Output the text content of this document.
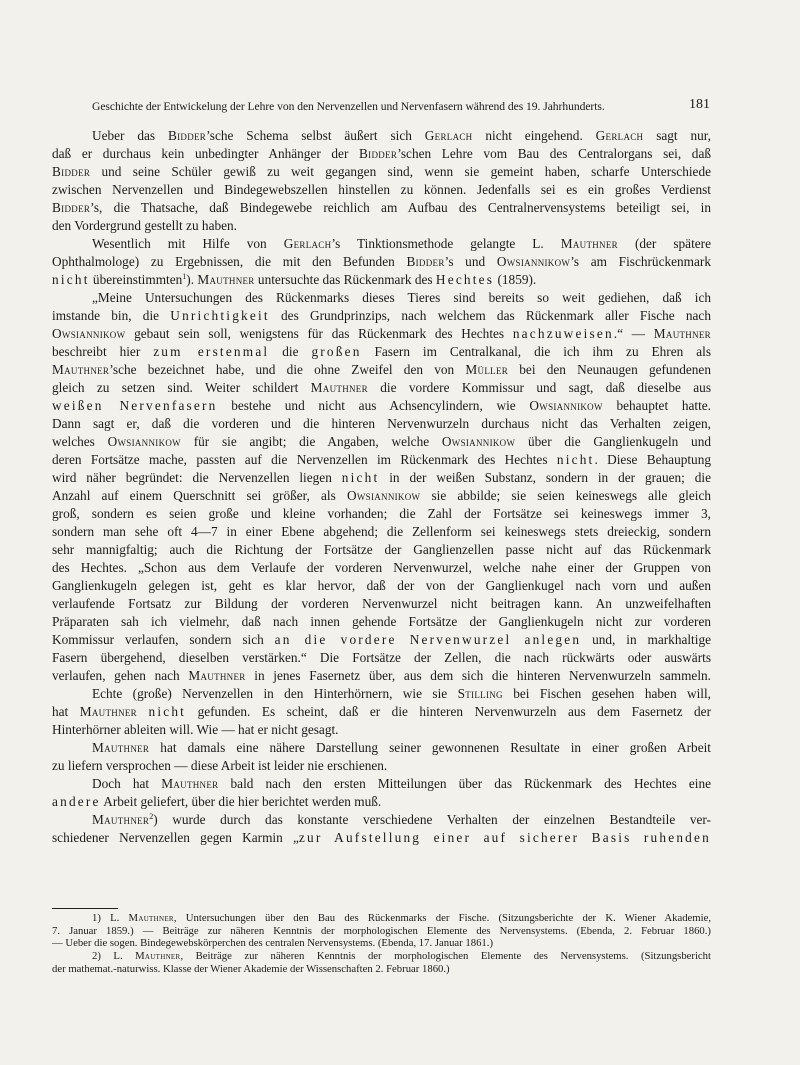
Geschichte der Entwickelung der Lehre von den Nervenzellen und Nervenfasern während des 19. Jahrhunderts.	181
Ueber das Bidder’sche Schema selbst äußert sich Gerlach nicht eingehend. Gerlach sagt nur,
daß er durchaus kein unbedingter Anhänger der Bidder’schen Lehre vom Bau des Centralorgans sei, daß
Bidder und seine Schüler gewiß zu weit gegangen sind, wenn sie gemeint haben, scharfe Unterschiede
zwischen Nervenzellen und Bindegewebszellen hinstellen zu können. Jedenfalls sei es ein großes Verdienst
Bidder’s, die Thatsache, daß Bindegewebe reichlich am Aufbau des Centralnervensystems beteiligt sei, in
den Vordergrund gestellt zu haben.
Wesentlich mit Hilfe von Gerlach’s Tinktionsmethode gelangte L. Mauthner (der spätere
Ophthalmologe) zu Ergebnissen, die mit den Befunden Bidder’s und Owsiannikow’s am Fischrückenmark
nicht übereinstimmten$^1$). Mauthner untersuchte das Rückenmark des Hechtes (1859).
„Meine Untersuchungen des Rückenmarks dieses Tieres sind bereits so weit gediehen, daß ich
imstande bin, die Unrichtigkeit des Grundprinzips, nach welchem das Rückenmark aller Fische nach
Owsiannikow gebaut sein soll, wenigstens für das Rückenmark des Hechtes nachzuweisen.“ — Mauthner
beschreibt hier zum erstenmal die großen Fasern im Centralkanal, die ich ihm zu Ehren als
Mauthner’sche bezeichnet habe, und die ohne Zweifel den von Müller bei den Neunaugen gefundenen
gleich zu setzen sind. Weiter schildert Mauthner die vordere Kommissur und sagt, daß dieselbe aus
weißen Nervenfasern bestehe und nicht aus Achsencylindern, wie Owsiannikow behauptet hatte.
Dann sagt er, daß die vorderen und die hinteren Nervenwurzeln durchaus nicht das Verhalten zeigen,
welches Owsiannikow für sie angibt; die Angaben, welche Owsiannikow über die Ganglienkugeln und
deren Fortsätze mache, passten auf die Nervenzellen im Rückenmark des Hechtes nicht. Diese Behauptung
wird näher begründet: die Nervenzellen liegen nicht in der weißen Substanz, sondern in der grauen; die
Anzahl auf einem Querschnitt sei größer, als Owsiannikow sie abbilde; sie seien keineswegs alle gleich
groß, sondern es seien große und kleine vorhanden; die Zahl der Fortsätze sei keineswegs immer 3,
sondern man sehe oft 4—7 in einer Ebene abgehend; die Zellenform sei keineswegs stets dreieckig, sondern
sehr mannigfaltig; auch die Richtung der Fortsätze der Ganglienzellen passe nicht auf das Rückenmark
des Hechtes. „Schon aus dem Verlaufe der vorderen Nervenwurzel, welche nahe einer der Gruppen von
Ganglienkugeln gelegen ist, geht es klar hervor, daß der von der Ganglienkugel nach vorn und außen
verlaufende Fortsatz zur Bildung der vorderen Nervenwurzel nicht beitragen kann. An unzweifelhaften
Präparaten sah ich vielmehr, daß nach innen gehende Fortsätze der Ganglienkugeln nicht zur vorderen
Kommissur verlaufen, sondern sich an die vordere Nervenwurzel anlegen und, in markhaltige
Fasern übergehend, dieselben verstärken.“ Die Fortsätze der Zellen, die nach rückwärts oder auswärts
verlaufen, gehen nach Mauthner in jenes Fasernetz über, aus dem sich die hinteren Nervenwurzeln sammeln.
Echte (große) Nervenzellen in den Hinterhörnern, wie sie Stilling bei Fischen gesehen haben will,
hat Mauthner nicht gefunden. Es scheint, daß er die hinteren Nervenwurzeln aus dem Fasernetz der
Hinterhörner ableiten will. Wie — hat er nicht gesagt.
Mauthner hat damals eine nähere Darstellung seiner gewonnenen Resultate in einer großen Arbeit
zu liefern versprochen — diese Arbeit ist leider nie erschienen.
Doch hat Mauthner bald nach den ersten Mitteilungen über das Rückenmark des Hechtes eine
andere Arbeit geliefert, über die hier berichtet werden muß.
Mauthner$^2$) wurde durch das konstante verschiedene Verhalten der einzelnen Bestandteile ver-
schiedener Nervenzellen gegen Karmin „zur Aufstellung einer auf sicherer Basis ruhenden
1) L. Mauthner, Untersuchungen über den Bau des Rückenmarks der Fische. (Sitzungsberichte der K. Wiener Akademie,
7. Januar 1859.) — Beiträge zur näheren Kenntnis der morphologischen Elemente des Nervensystems. (Ebenda, 2. Februar 1860.)
— Ueber die sogen. Bindegewebskörperchen des centralen Nervensystems. (Ebenda, 17. Januar 1861.)
2) L. Mauthner, Beiträge zur näheren Kenntnis der morphologischen Elemente des Nervensystems. (Sitzungsbericht
der mathemat.-naturwiss. Klasse der Wiener Akademie der Wissenschaften 2. Februar 1860.)
